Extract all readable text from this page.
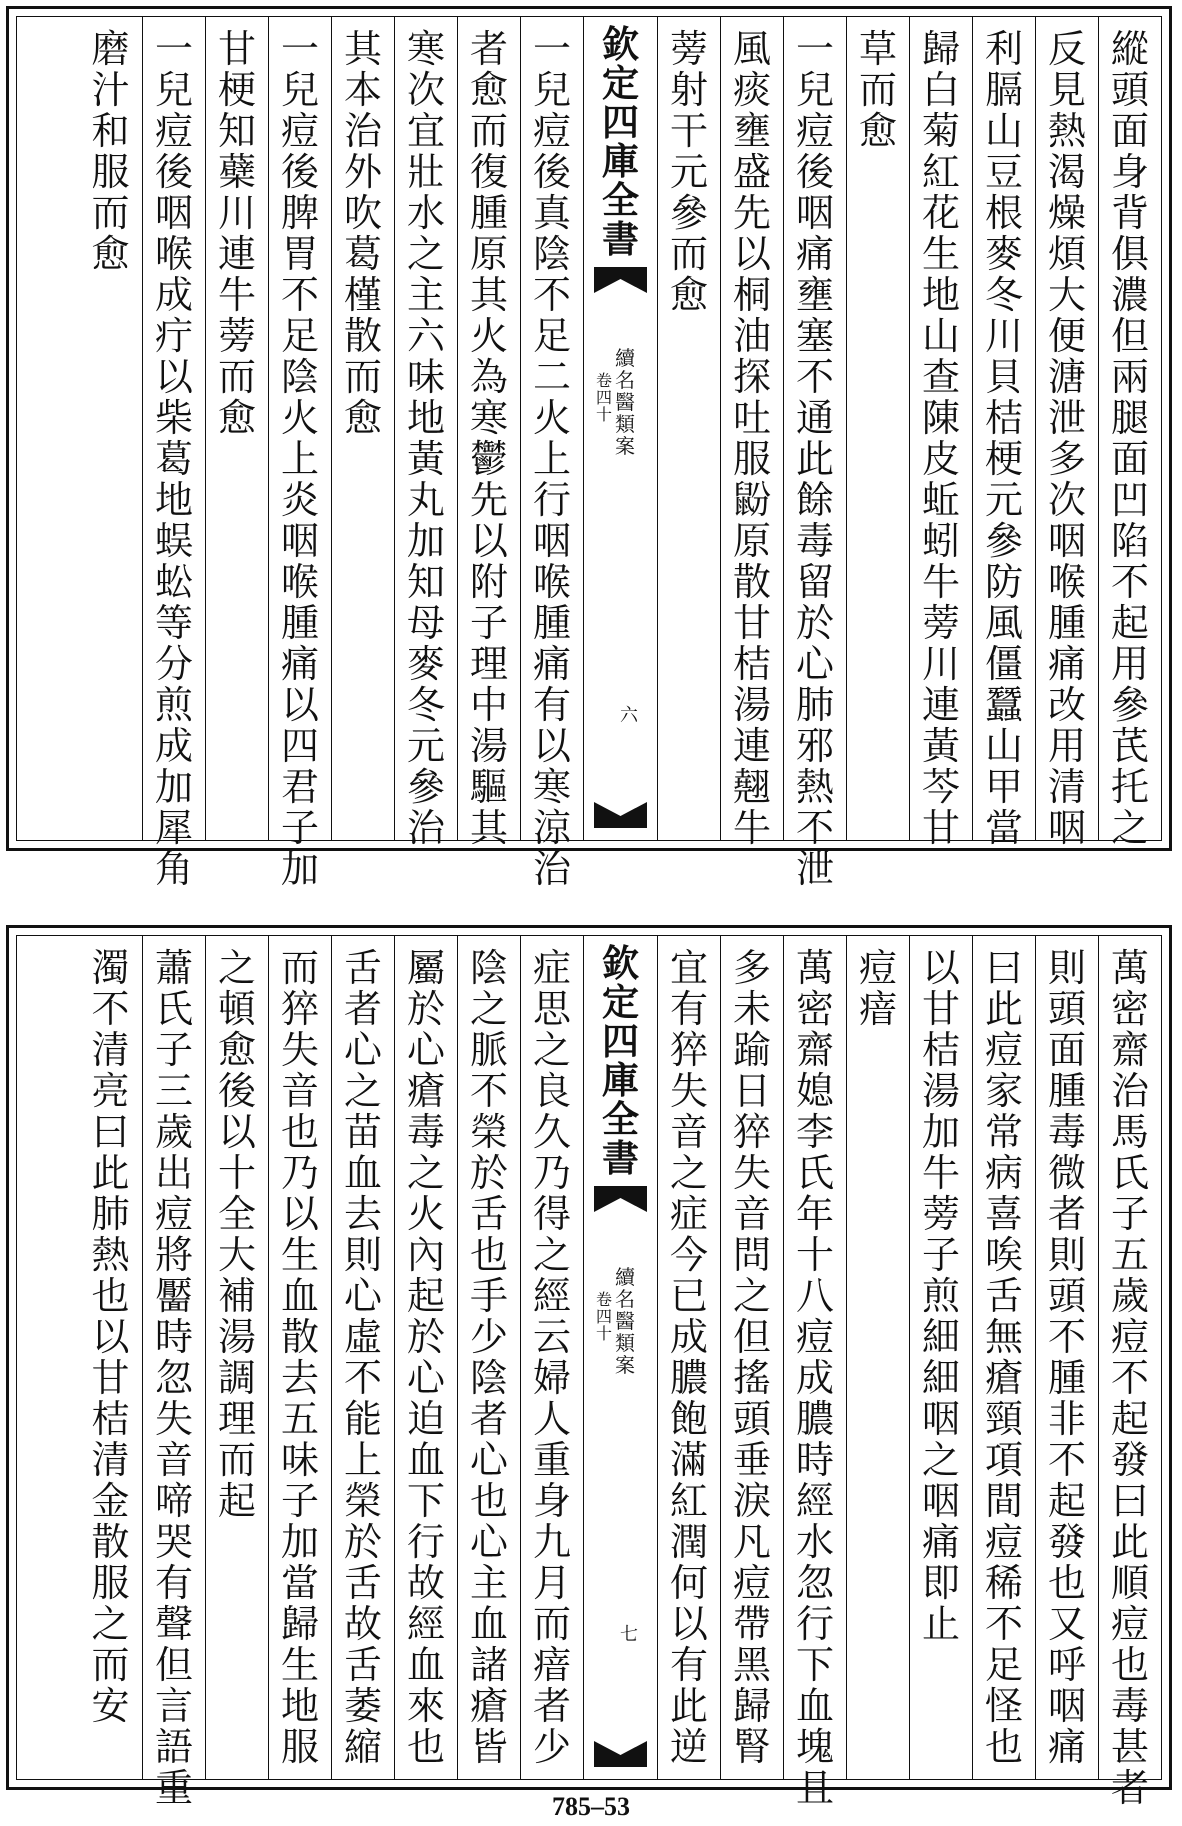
縱頭面身背俱濃但兩腿面凹陷不起用參芪托之
反見熱渴燥煩大便溏泄多次咽喉腫痛改用清咽
利膈山豆根麥冬川貝桔梗元參防風僵蠶山甲當
歸白菊紅花生地山查陳皮蚯蚓牛蒡川連黃芩甘
草而愈
一兒痘後咽痛壅塞不通此餘毒留於心肺邪熱不泄
風痰壅盛先以桐油探吐服鼢原散甘桔湯連翹牛
蒡射干元參而愈
欽定四庫全書
續名醫類案
卷四十
六
一兒痘後真陰不足二火上行咽喉腫痛有以寒涼治
者愈而復腫原其火為寒鬱先以附子理中湯驅其
寒次宜壯水之主六味地黃丸加知母麥冬元參治
其本治外吹葛槿散而愈
一兒痘後脾胃不足陰火上炎咽喉腫痛以四君子加
甘梗知蘗川連牛蒡而愈
一兒痘後咽喉成疔以柴葛地蜈蚣等分煎成加犀角
磨汁和服而愈
萬密齋治馬氏子五歲痘不起發曰此順痘也毒甚者
則頭面腫毒微者則頭不腫非不起發也又呼咽痛
曰此痘家常病喜唉舌無瘡頸項間痘稀不足怪也
以甘桔湯加牛蒡子煎細細咽之咽痛即止
痘瘖
萬密齋媳李氏年十八痘成膿時經水忽行下血塊且
多未踰日猝失音問之但搖頭垂淚凡痘帶黑歸腎
宜有猝失音之症今已成膿飽滿紅潤何以有此逆
欽定四庫全書
續名醫類案
卷四十
七
症思之良久乃得之經云婦人重身九月而瘖者少
陰之脈不榮於舌也手少陰者心也心主血諸瘡皆
屬於心瘡毒之火內起於心迫血下行故經血來也
舌者心之苗血去則心虛不能上榮於舌故舌萎縮
而猝失音也乃以生血散去五味子加當歸生地服
之頓愈後以十全大補湯調理而起
蕭氏子三歲出痘將靨時忽失音啼哭有聲但言語重
濁不清亮曰此肺熱也以甘桔清金散服之而安
785–53
